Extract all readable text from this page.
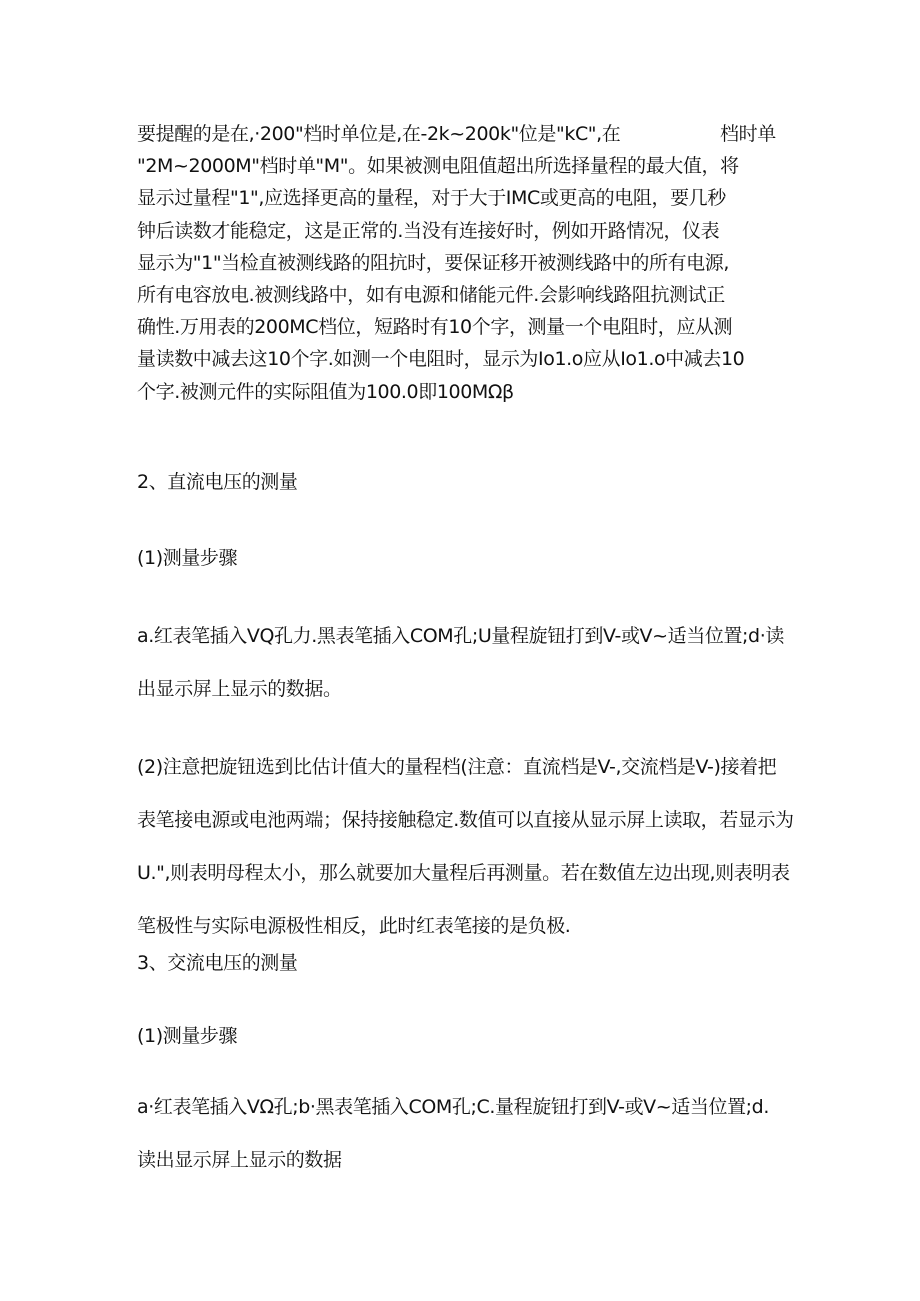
要提醒的是在,·200"档时单位是,在-2k~200k"位是"kC",在	档时单
"2M~2000M"档时单"M"。如果被测电阻值超出所选择量程的最大值，将
显示过量程"1",应选择更高的量程，对于大于IMC或更高的电阻，要几秒
钟后读数才能稳定，这是正常的.当没有连接好时，例如开路情况，仪表
显示为"1"当检直被测线路的阻抗时，要保证移开被测线路中的所有电源,
所有电容放电.被测线路中，如有电源和储能元件.会影响线路阻抗测试正
确性.万用表的200MC档位，短路时有10个字，测量一个电阻时，应从测
量读数中减去这10个字.如测一个电阻时，显示为Io1.o应从Io1.o中减去10
个字.被测元件的实际阻值为100.0即100MΩβ
2、直流电压的测量
(1)测量步骤
a.红表笔插入VQ孔力.黑表笔插入COM孔;U量程旋钮打到V-或V~适当位置;d·读
出显示屏上显示的数据。
(2)注意把旋钮选到比估计值大的量程档(注意：直流档是V-,交流档是V-)接着把
表笔接电源或电池两端；保持接触稳定.数值可以直接从显示屏上读取，若显示为
U.",则表明母程太小，那么就要加大量程后再测量。若在数值左边出现,则表明表
笔极性与实际电源极性相反，此时红表笔接的是负极.
3、交流电压的测量
(1)测量步骤
a·红表笔插入VΩ孔;b·黑表笔插入COM孔;C.量程旋钮打到V-或V~适当位置;d.
读出显示屏上显示的数据
